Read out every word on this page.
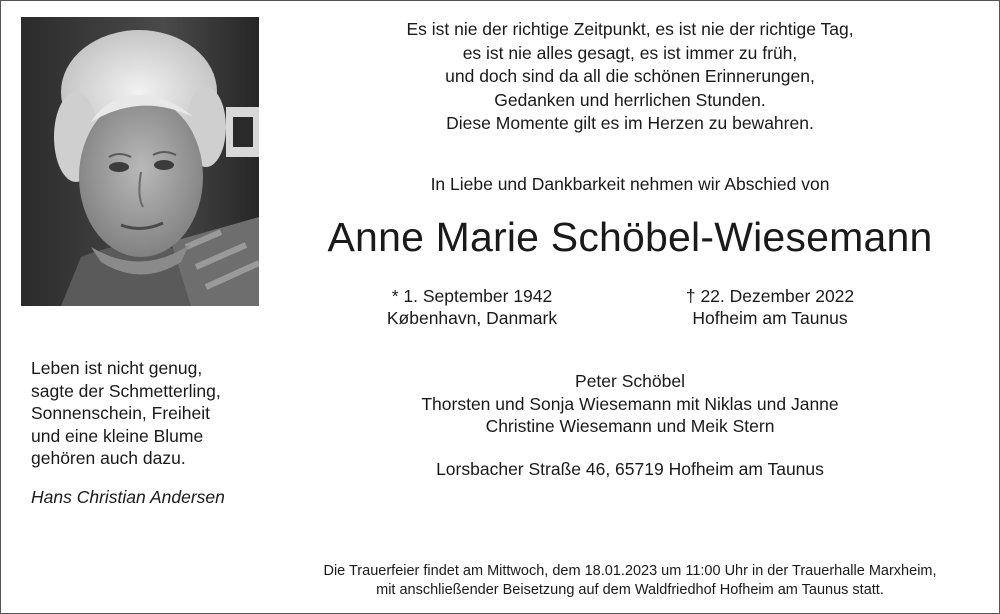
Es ist nie der richtige Zeitpunkt, es ist nie der richtige Tag,
es ist nie alles gesagt, es ist immer zu früh,
und doch sind da all die schönen Erinnerungen,
Gedanken und herrlichen Stunden.
Diese Momente gilt es im Herzen zu bewahren.
In Liebe und Dankbarkeit nehmen wir Abschied von
Anne Marie Schöbel-Wiesemann
* 1. September 1942
København, Danmark
† 22. Dezember 2022
Hofheim am Taunus
Leben ist nicht genug,
sagte der Schmetterling,
Sonnenschein, Freiheit
und eine kleine Blume
gehören auch dazu.
Hans Christian Andersen
Peter Schöbel
Thorsten und Sonja Wiesemann mit Niklas und Janne
Christine Wiesemann und Meik Stern
Lorsbacher Straße 46, 65719 Hofheim am Taunus
Die Trauerfeier findet am Mittwoch, dem 18.01.2023 um 11:00 Uhr in der Trauerhalle Marxheim,
mit anschließender Beisetzung auf dem Waldfriedhof Hofheim am Taunus statt.
